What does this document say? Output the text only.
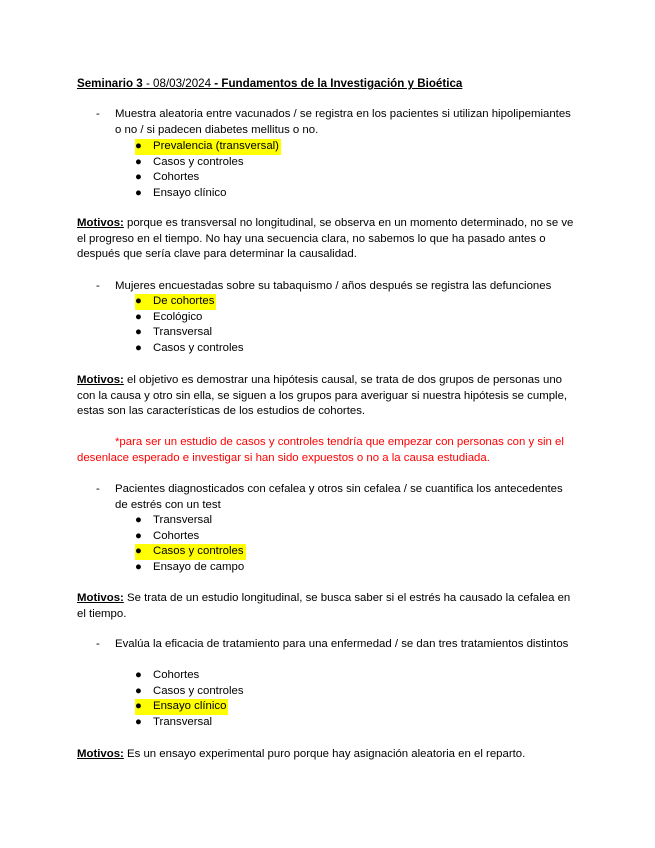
Seminario 3 - 08/03/2024 - Fundamentos de la Investigación y Bioética
- Muestra aleatoria entre vacunados / se registra en los pacientes si utilizan hipolipemiantes o no / si padecen diabetes mellitus o no.
● Prevalencia (transversal)
● Casos y controles
● Cohortes
● Ensayo clínico
Motivos: porque es transversal no longitudinal, se observa en un momento determinado, no se ve el progreso en el tiempo. No hay una secuencia clara, no sabemos lo que ha pasado antes o después que sería clave para determinar la causalidad.
- Mujeres encuestadas sobre su tabaquismo / años después se registra las defunciones
● De cohortes
● Ecológico
● Transversal
● Casos y controles
Motivos: el objetivo es demostrar una hipótesis causal, se trata de dos grupos de personas uno con la causa y otro sin ella, se siguen a los grupos para averiguar si nuestra hipótesis se cumple, estas son las características de los estudios de cohortes.
*para ser un estudio de casos y controles tendría que empezar con personas con y sin el desenlace esperado e investigar si han sido expuestos o no a la causa estudiada.
- Pacientes diagnosticados con cefalea y otros sin cefalea / se cuantifica los antecedentes de estrés con un test
● Transversal
● Cohortes
● Casos y controles
● Ensayo de campo
Motivos: Se trata de un estudio longitudinal, se busca saber si el estrés ha causado la cefalea en el tiempo.
- Evalúa la eficacia de tratamiento para una enfermedad / se dan tres tratamientos distintos
● Cohortes
● Casos y controles
● Ensayo clínico
● Transversal
Motivos: Es un ensayo experimental puro porque hay asignación aleatoria en el reparto.
